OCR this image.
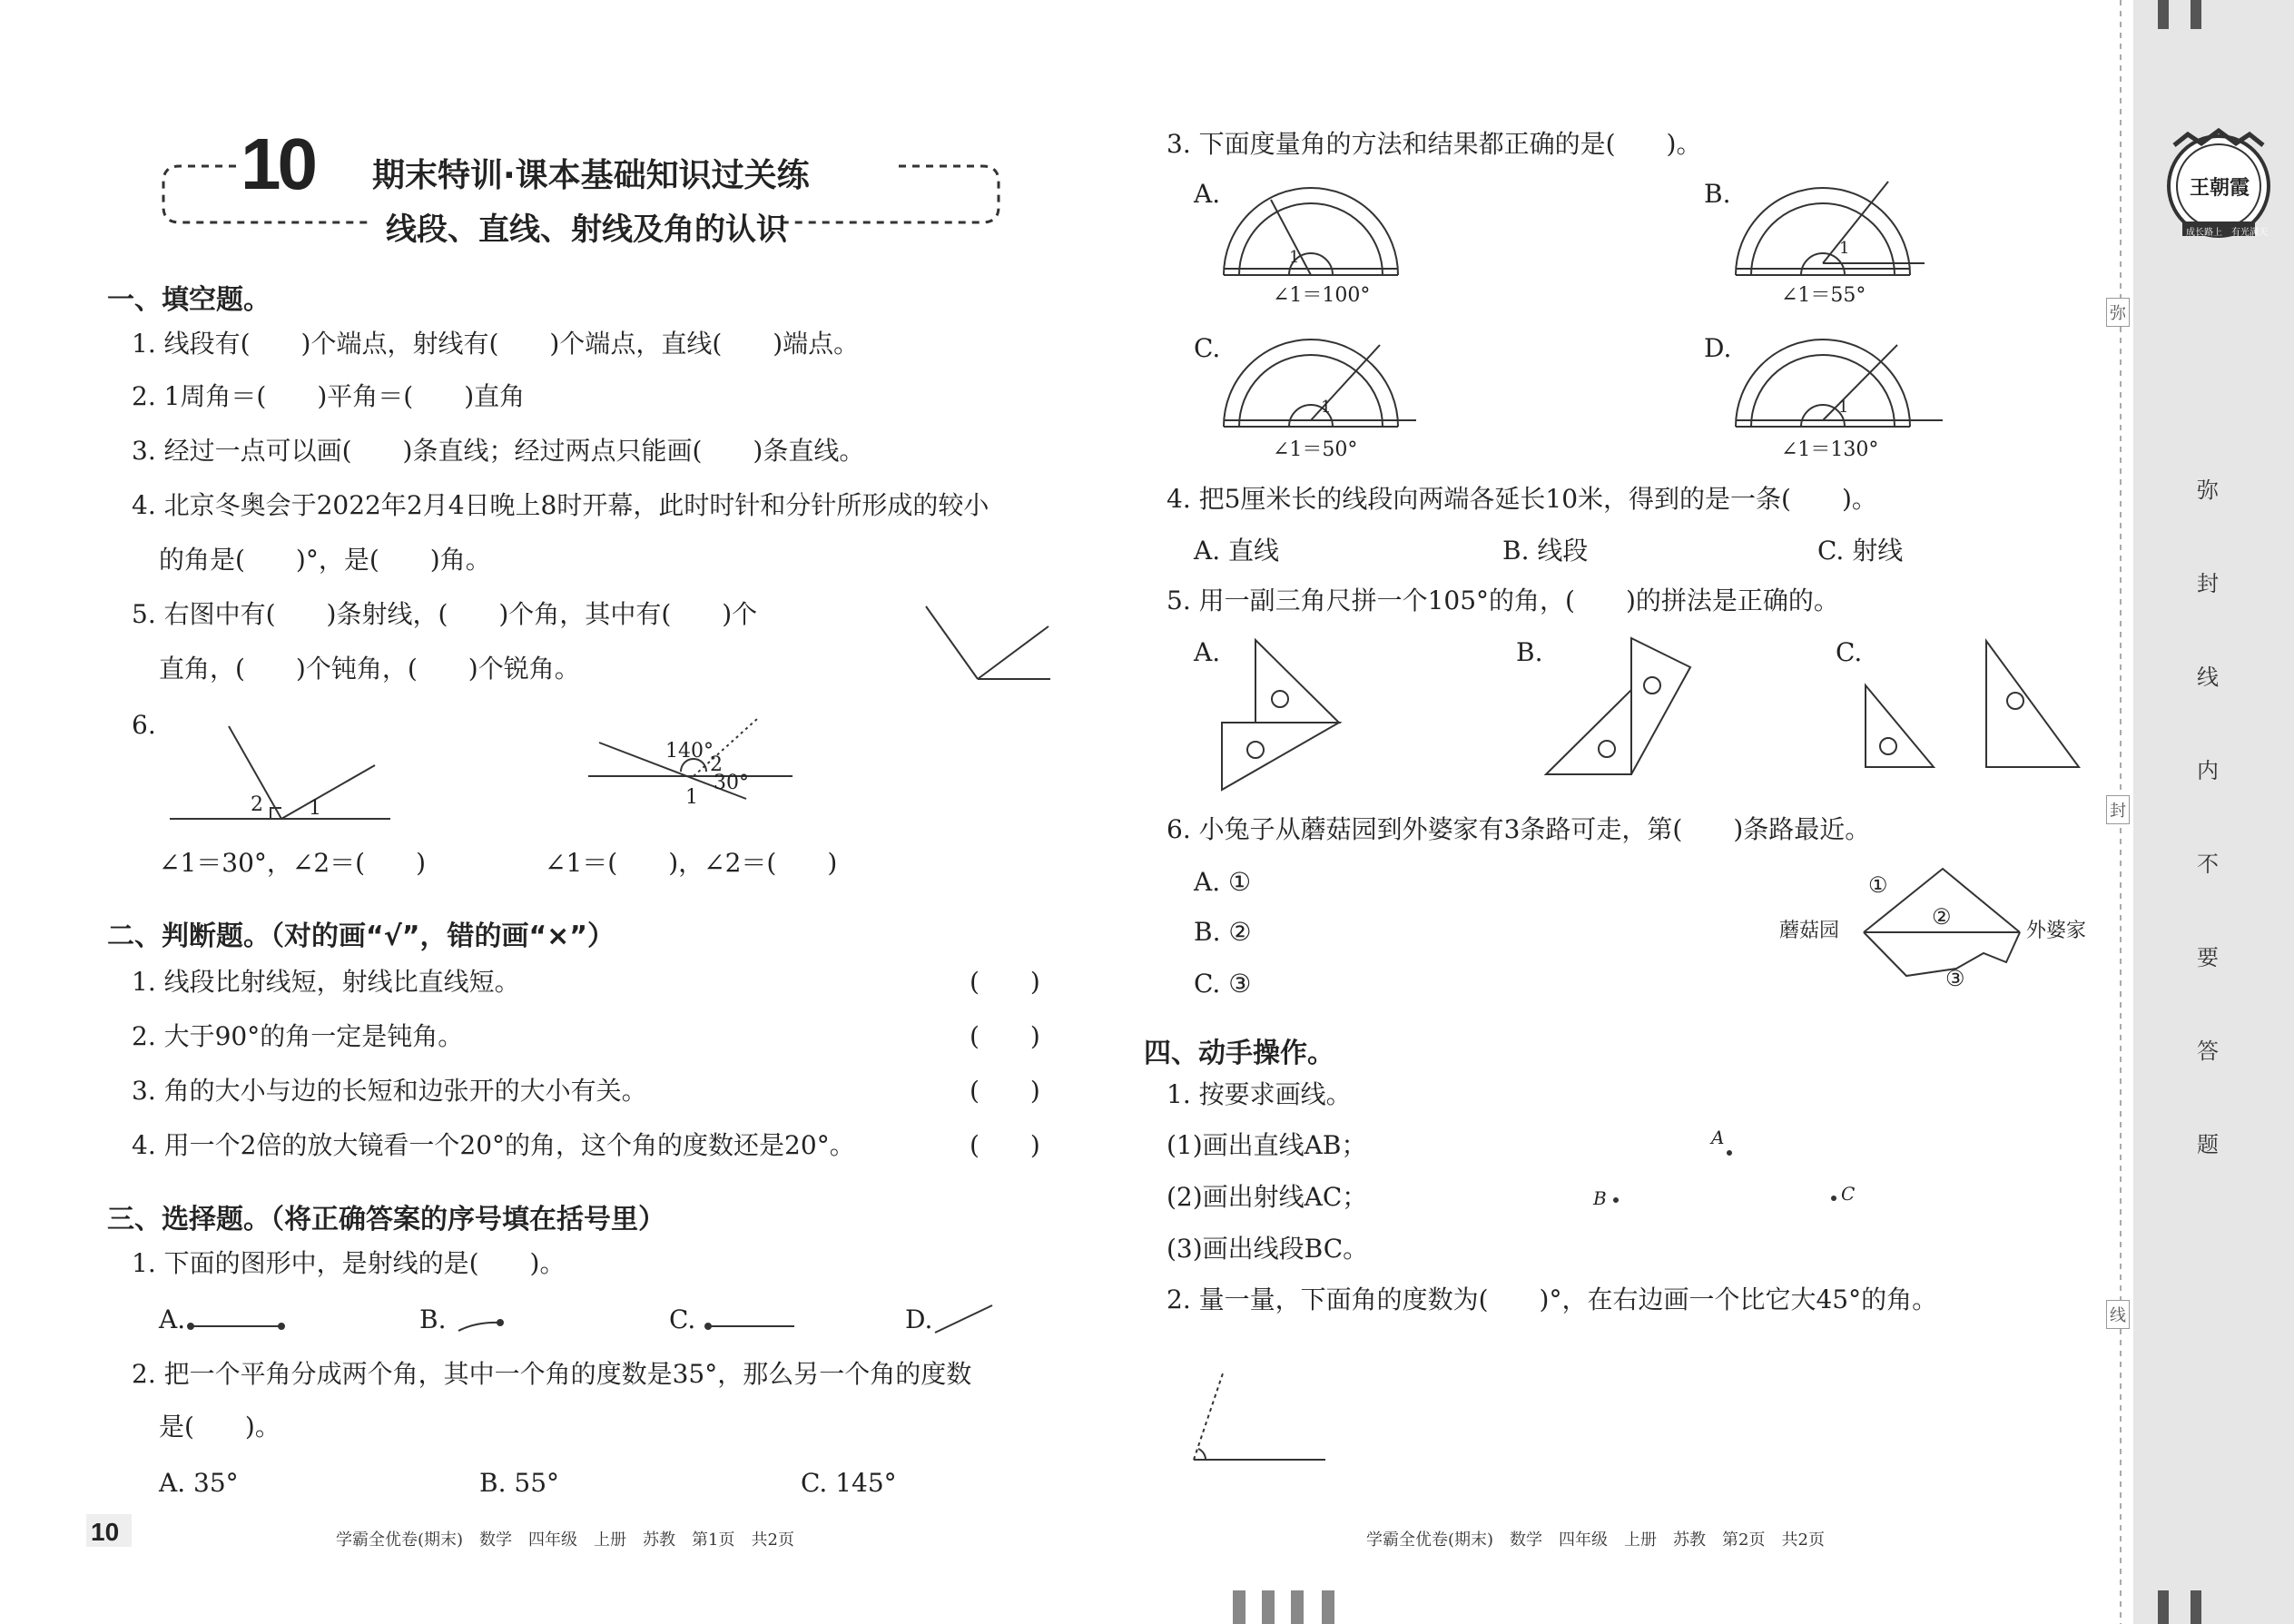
10 期末特训·课本基础知识过关练
线段、直线、射线及角的认识
一、填空题。
1. 线段有(　　)个端点，射线有(　　)个端点，直线(　　)端点。
2. 1周角＝(　　)平角＝(　　)直角
3. 经过一点可以画(　　)条直线；经过两点只能画(　　)条直线。
4. 北京冬奥会于2022年2月4日晚上8时开幕，此时时针和分针所形成的较小
的角是(　　)°，是(　　)角。
5. 右图中有(　　)条射线，(　　)个角，其中有(　　)个
直角，(　　)个钝角，(　　)个锐角。
6.
2 1
140°
2
30°
1
∠1＝30°，∠2＝(　　)	∠1＝(　　)，∠2＝(　　)
二、判断题。（对的画“√”，错的画“×”）
1. 线段比射线短，射线比直线短。	(　　)
2. 大于90°的角一定是钝角。	(　　)
3. 角的大小与边的长短和边张开的大小有关。	(　　)
4. 用一个2倍的放大镜看一个20°的角，这个角的度数还是20°。	(　　)
三、选择题。（将正确答案的序号填在括号里）
1. 下面的图形中，是射线的是(　　)。
A.	B.	C.	D.
2. 把一个平角分成两个角，其中一个角的度数是35°，那么另一个角的度数
是(　　)。
A. 35°	B. 55°	C. 145°
3. 下面度量角的方法和结果都正确的是(　　)。
A.
∠1＝100°
B.
∠1＝55°
C.
∠1＝50°
D.
∠1＝130°
1	1
1	1
4. 把5厘米长的线段向两端各延长10米，得到的是一条(　　)。
A. 直线	B. 线段	C. 射线
5. 用一副三角尺拼一个105°的角，(　　)的拼法是正确的。
A.	B.	C.
6. 小兔子从蘑菇园到外婆家有3条路可走，第(　　)条路最近。
A. ①
B. ②
C. ③
蘑菇园	外婆家
①
②
③
四、动手操作。
1. 按要求画线。
(1)画出直线AB；
(2)画出射线AC；
(3)画出线段BC。
A
B	C
2. 量一量，下面角的度数为(　　)°，在右边画一个比它大45°的角。
10	学霸全优卷(期末)　数学　四年级　上册　苏教　第1页　共2页	学霸全优卷(期末)　数学　四年级　上册　苏教　第2页　共2页
王朝霞
成长路上　有光满天
弥
封
线
弥
封
线
内
不
要
答
题
